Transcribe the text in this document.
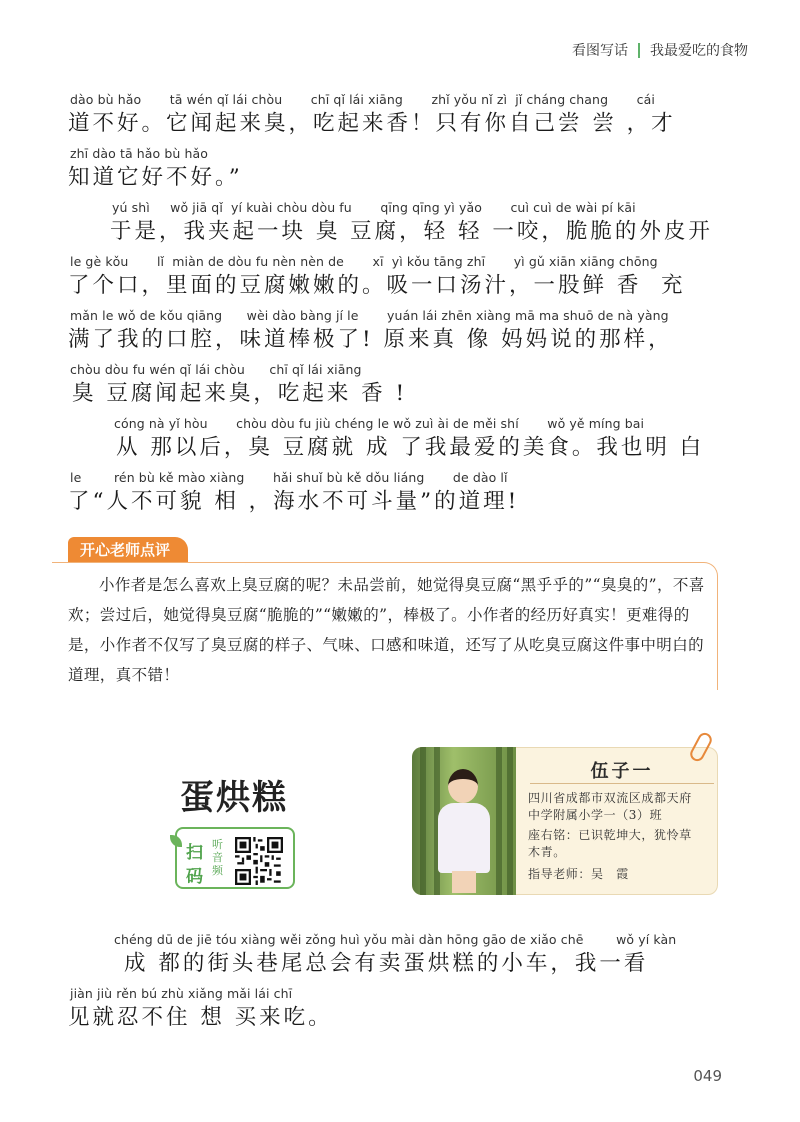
看图写话 我最爱吃的食物
dào bù hǎo       tā wén qǐ lái chòu       chī qǐ lái xiāng       zhǐ yǒu nǐ zì  jǐ cháng chang       cái
道不好。它闻起来臭，吃起来香！只有你自己尝 尝 ，才
zhī dào tā hǎo bù hǎo
知道它好不好。”
yú shì     wǒ jiā qǐ  yí kuài chòu dòu fu       qīng qīng yì yǎo       cuì cuì de wài pí kāi
于是，我夹起一块 臭 豆腐，轻 轻 一咬，脆脆的外皮开
le gè kǒu       lǐ  miàn de dòu fu nèn nèn de       xī  yì kǒu tāng zhī       yì gǔ xiān xiāng chōng
了个口，里面的豆腐嫩嫩的。吸一口汤汁，一股鲜 香  充
mǎn le wǒ de kǒu qiāng      wèi dào bàng jí le       yuán lái zhēn xiàng mā ma shuō de nà yàng
满了我的口腔，味道棒极了! 原来真 像 妈妈说的那样，
chòu dòu fu wén qǐ lái chòu      chī qǐ lái xiāng
臭 豆腐闻起来臭，吃起来 香 !
cóng nà yǐ hòu       chòu dòu fu jiù chéng le wǒ zuì ài de měi shí       wǒ yě míng bai
从 那以后，臭 豆腐就 成 了我最爱的美食。我也明 白
le        rén bù kě mào xiàng       hǎi shuǐ bù kě dǒu liáng       de dào lǐ
了“人不可貌 相 ，海水不可斗量”的道理!
开心老师点评

小作者是怎么喜欢上臭豆腐的呢？未品尝前，她觉得臭豆腐“黑乎乎的”“臭臭的”，不喜欢；尝过后，她觉得臭豆腐“脆脆的”“嫩嫩的”，棒极了。小作者的经历好真实！更难得的是，小作者不仅写了臭豆腐的样子、气味、口感和味道，还写了从吃臭豆腐这件事中明白的道理，真不错！

蛋烘糕
扫
码
听音频
伍子一
四川省成都市双流区成都天府
中学附属小学一（3）班
座右铭：已识乾坤大，犹怜草
木青。
指导老师：吴　霞
chéng dū de jiē tóu xiàng wěi zǒng huì yǒu mài dàn hōng gāo de xiǎo chē        wǒ yí kàn
成 都的街头巷尾总会有卖蛋烘糕的小车，我一看
jiàn jiù rěn bú zhù xiǎng mǎi lái chī
见就忍不住 想 买来吃。
049
